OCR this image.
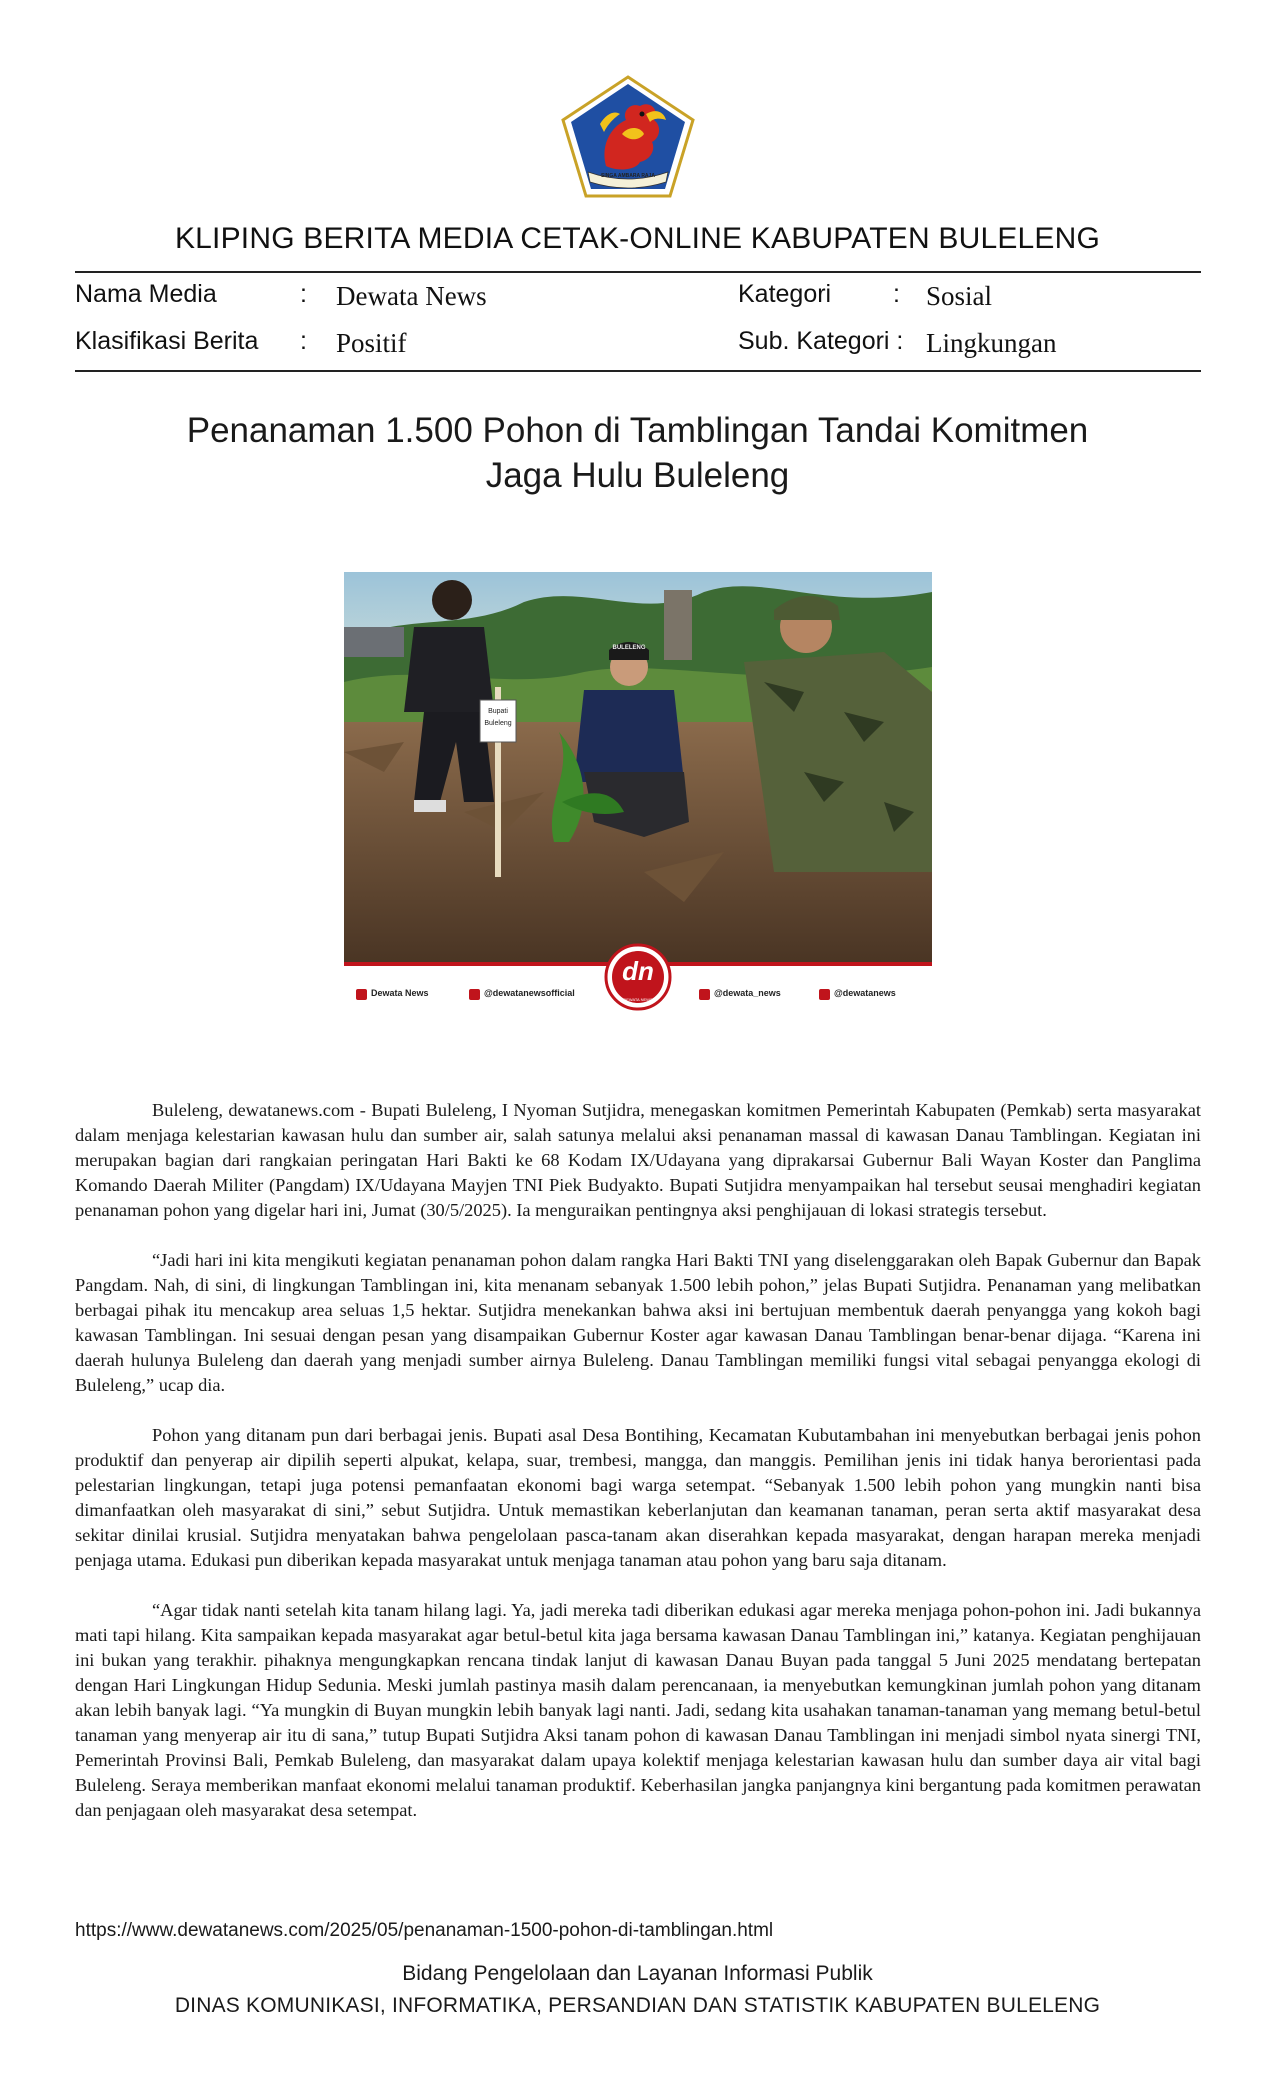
SINGA AMBARA RAJA
KLIPING BERITA MEDIA CETAK-ONLINE KABUPATEN BULELENG
Nama Media	: Dewata News
Klasifikasi Berita : Positif
Kategori : Sosial
Sub. Kategori : Lingkungan
Penanaman 1.500 Pohon di Tamblingan Tandai Komitmen
Jaga Hulu Buleleng
Bupati
Buleleng
BULELENG
dn
DEWATA NEWS
Dewata News	@dewatanewsofficial	@dewata_news	@dewatanews

Buleleng, dewatanews.com - Bupati Buleleng, I Nyoman Sutjidra, menegaskan komitmen Pemerintah Kabupaten (Pemkab) serta masyarakat dalam menjaga kelestarian kawasan hulu dan sumber air, salah satunya melalui aksi penanaman massal di kawasan Danau Tamblingan. Kegiatan ini merupakan bagian dari rangkaian peringatan Hari Bakti ke 68 Kodam IX/Udayana yang diprakarsai Gubernur Bali Wayan Koster dan Panglima Komando Daerah Militer (Pangdam) IX/Udayana Mayjen TNI Piek Budyakto. Bupati Sutjidra menyampaikan hal tersebut seusai menghadiri kegiatan penanaman pohon yang digelar hari ini, Jumat (30/5/2025). Ia menguraikan pentingnya aksi penghijauan di lokasi strategis tersebut.

“Jadi hari ini kita mengikuti kegiatan penanaman pohon dalam rangka Hari Bakti TNI yang diselenggarakan oleh Bapak Gubernur dan Bapak Pangdam. Nah, di sini, di lingkungan Tamblingan ini, kita menanam sebanyak 1.500 lebih pohon,” jelas Bupati Sutjidra. Penanaman yang melibatkan berbagai pihak itu mencakup area seluas 1,5 hektar. Sutjidra menekankan bahwa aksi ini bertujuan membentuk daerah penyangga yang kokoh bagi kawasan Tamblingan. Ini sesuai dengan pesan yang disampaikan Gubernur Koster agar kawasan Danau Tamblingan benar-benar dijaga. “Karena ini daerah hulunya Buleleng dan daerah yang menjadi sumber airnya Buleleng. Danau Tamblingan memiliki fungsi vital sebagai penyangga ekologi di Buleleng,” ucap dia.

Pohon yang ditanam pun dari berbagai jenis. Bupati asal Desa Bontihing, Kecamatan Kubutambahan ini menyebutkan berbagai jenis pohon produktif dan penyerap air dipilih seperti alpukat, kelapa, suar, trembesi, mangga, dan manggis. Pemilihan jenis ini tidak hanya berorientasi pada pelestarian lingkungan, tetapi juga potensi pemanfaatan ekonomi bagi warga setempat. “Sebanyak 1.500 lebih pohon yang mungkin nanti bisa dimanfaatkan oleh masyarakat di sini,” sebut Sutjidra. Untuk memastikan keberlanjutan dan keamanan tanaman, peran serta aktif masyarakat desa sekitar dinilai krusial. Sutjidra menyatakan bahwa pengelolaan pasca-tanam akan diserahkan kepada masyarakat, dengan harapan mereka menjadi penjaga utama. Edukasi pun diberikan kepada masyarakat untuk menjaga tanaman atau pohon yang baru saja ditanam.

“Agar tidak nanti setelah kita tanam hilang lagi. Ya, jadi mereka tadi diberikan edukasi agar mereka menjaga pohon-pohon ini. Jadi bukannya mati tapi hilang. Kita sampaikan kepada masyarakat agar betul-betul kita jaga bersama kawasan Danau Tamblingan ini,” katanya. Kegiatan penghijauan ini bukan yang terakhir. pihaknya mengungkapkan rencana tindak lanjut di kawasan Danau Buyan pada tanggal 5 Juni 2025 mendatang bertepatan dengan Hari Lingkungan Hidup Sedunia. Meski jumlah pastinya masih dalam perencanaan, ia menyebutkan kemungkinan jumlah pohon yang ditanam akan lebih banyak lagi. “Ya mungkin di Buyan mungkin lebih banyak lagi nanti. Jadi, sedang kita usahakan tanaman-tanaman yang memang betul-betul tanaman yang menyerap air itu di sana,” tutup Bupati Sutjidra Aksi tanam pohon di kawasan Danau Tamblingan ini menjadi simbol nyata sinergi TNI, Pemerintah Provinsi Bali, Pemkab Buleleng, dan masyarakat dalam upaya kolektif menjaga kelestarian kawasan hulu dan sumber daya air vital bagi Buleleng. Seraya memberikan manfaat ekonomi melalui tanaman produktif. Keberhasilan jangka panjangnya kini bergantung pada komitmen perawatan dan penjagaan oleh masyarakat desa setempat.

https://www.dewatanews.com/2025/05/penanaman-1500-pohon-di-tamblingan.html
Bidang Pengelolaan dan Layanan Informasi Publik
DINAS KOMUNIKASI, INFORMATIKA, PERSANDIAN DAN STATISTIK KABUPATEN BULELENG
